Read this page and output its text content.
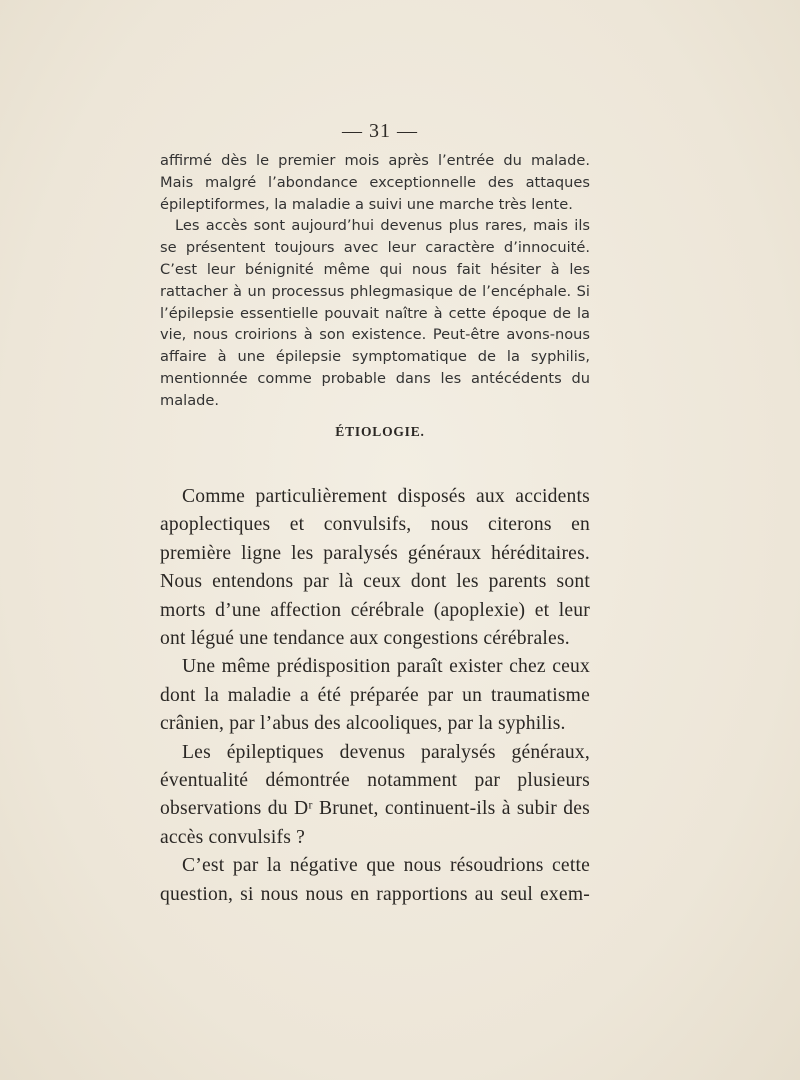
— 31 —

affirmé dès le premier mois après l’entrée du malade. Mais malgré l’abondance exceptionnelle des attaques épileptiformes, la maladie a suivi une marche très lente.

Les accès sont aujourd’hui devenus plus rares, mais ils se présentent toujours avec leur caractère d’innocuité. C’est leur bénignité même qui nous fait hésiter à les rattacher à un processus phlegmasique de l’encéphale. Si l’épilepsie essentielle pouvait naître à cette époque de la vie, nous croirions à son existence. Peut-être avons-nous affaire à une épilepsie symptomatique de la syphilis, mentionnée comme probable dans les antécédents du malade.

ÉTIOLOGIE.

Comme particulièrement disposés aux accidents apoplectiques et convulsifs, nous citerons en première ligne les paralysés généraux héréditaires. Nous entendons par là ceux dont les parents sont morts d’une affection cérébrale (apoplexie) et leur ont légué une tendance aux congestions cérébrales.

Une même prédisposition paraît exister chez ceux dont la maladie a été préparée par un traumatisme crânien, par l’abus des alcooliques, par la syphilis.

Les épileptiques devenus paralysés généraux, éventualité démontrée notamment par plusieurs observations du Dʳ Brunet, continuent-ils à subir des accès convulsifs ?

C’est par la négative que nous résoudrions cette question, si nous nous en rapportions au seul exem-
